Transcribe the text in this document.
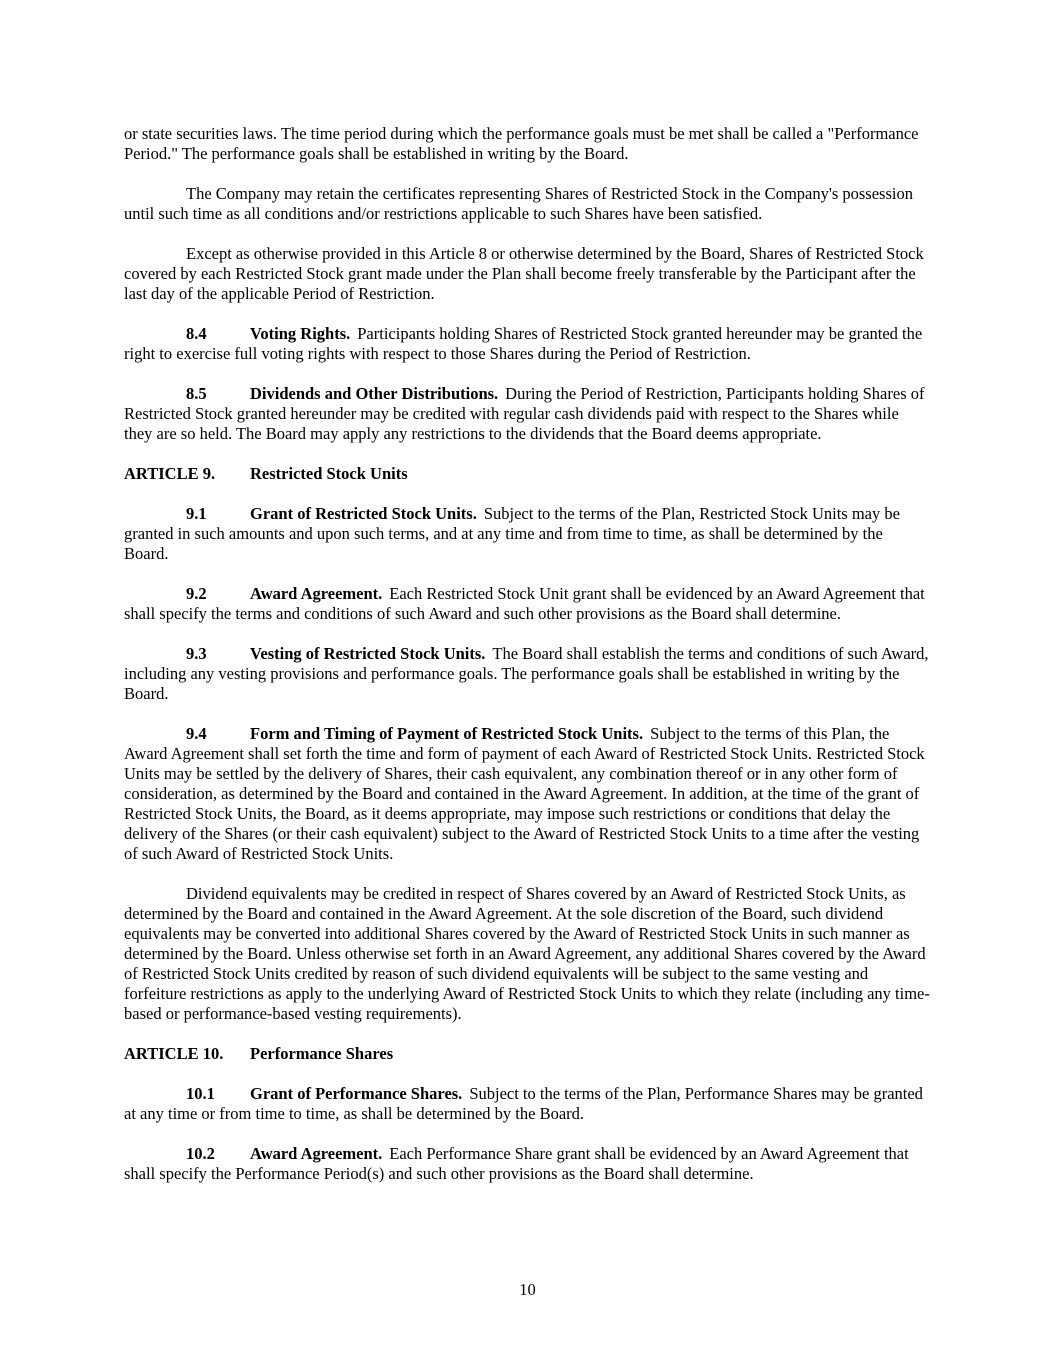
or state securities laws. The time period during which the performance goals must be met shall be called a "Performance Period." The performance goals shall be established in writing by the Board.

The Company may retain the certificates representing Shares of Restricted Stock in the Company's possession until such time as all conditions and/or restrictions applicable to such Shares have been satisfied.

Except as otherwise provided in this Article 8 or otherwise determined by the Board, Shares of Restricted Stock covered by each Restricted Stock grant made under the Plan shall become freely transferable by the Participant after the last day of the applicable Period of Restriction.

8.4	Voting Rights. Participants holding Shares of Restricted Stock granted hereunder may be granted the right to exercise full voting rights with respect to those Shares during the Period of Restriction.

8.5	Dividends and Other Distributions. During the Period of Restriction, Participants holding Shares of Restricted Stock granted hereunder may be credited with regular cash dividends paid with respect to the Shares while they are so held. The Board may apply any restrictions to the dividends that the Board deems appropriate.

ARTICLE 9. Restricted Stock Units

9.1	Grant of Restricted Stock Units. Subject to the terms of the Plan, Restricted Stock Units may be granted in such amounts and upon such terms, and at any time and from time to time, as shall be determined by the Board.

9.2	Award Agreement. Each Restricted Stock Unit grant shall be evidenced by an Award Agreement that shall specify the terms and conditions of such Award and such other provisions as the Board shall determine.

9.3	Vesting of Restricted Stock Units. The Board shall establish the terms and conditions of such Award, including any vesting provisions and performance goals. The performance goals shall be established in writing by the Board.

9.4	Form and Timing of Payment of Restricted Stock Units. Subject to the terms of this Plan, the Award Agreement shall set forth the time and form of payment of each Award of Restricted Stock Units. Restricted Stock Units may be settled by the delivery of Shares, their cash equivalent, any combination thereof or in any other form of consideration, as determined by the Board and contained in the Award Agreement. In addition, at the time of the grant of Restricted Stock Units, the Board, as it deems appropriate, may impose such restrictions or conditions that delay the delivery of the Shares (or their cash equivalent) subject to the Award of Restricted Stock Units to a time after the vesting of such Award of Restricted Stock Units.

Dividend equivalents may be credited in respect of Shares covered by an Award of Restricted Stock Units, as determined by the Board and contained in the Award Agreement. At the sole discretion of the Board, such dividend equivalents may be converted into additional Shares covered by the Award of Restricted Stock Units in such manner as determined by the Board. Unless otherwise set forth in an Award Agreement, any additional Shares covered by the Award of Restricted Stock Units credited by reason of such dividend equivalents will be subject to the same vesting and forfeiture restrictions as apply to the underlying Award of Restricted Stock Units to which they relate (including any time-based or performance-based vesting requirements).

ARTICLE 10. Performance Shares

10.1 Grant of Performance Shares. Subject to the terms of the Plan, Performance Shares may be granted at any time or from time to time, as shall be determined by the Board.

10.2 Award Agreement. Each Performance Share grant shall be evidenced by an Award Agreement that shall specify the Performance Period(s) and such other provisions as the Board shall determine.

10
